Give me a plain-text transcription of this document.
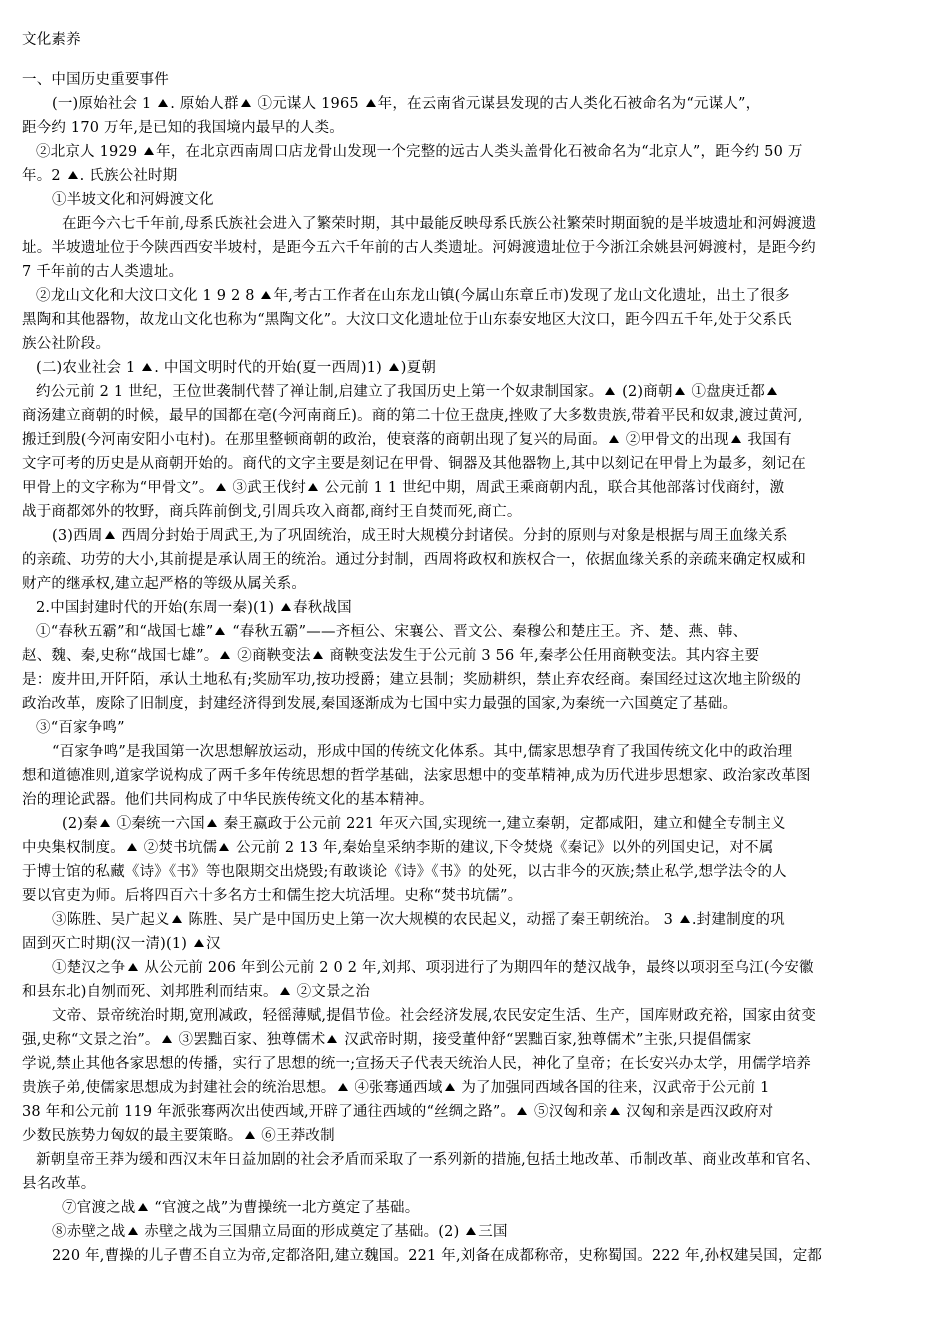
文化素养
一、中国历史重要事件
(一)原始社会 1 . 原始人群 ①元谋人 1965 年，在云南省元谋县发现的古人类化石被命名为“元谋人”，
距今约 170 万年,是已知的我国境内最早的人类。
②北京人 1929 年，在北京西南周口店龙骨山发现一个完整的远古人类头盖骨化石被命名为“北京人”，距今约 50 万
年。2 . 氏族公社时期
①半坡文化和河姆渡文化
在距今六七千年前,母系氏族社会进入了繁荣时期，其中最能反映母系氏族公社繁荣时期面貌的是半坡遗址和河姆渡遗
址。半坡遗址位于今陕西西安半坡村，是距今五六千年前的古人类遗址。河姆渡遗址位于今浙江余姚县河姆渡村，是距今约
7 千年前的古人类遗址。
②龙山文化和大汶口文化 1 9 2 8 年,考古工作者在山东龙山镇(今属山东章丘市)发现了龙山文化遗址，出土了很多
黑陶和其他器物，故龙山文化也称为“黑陶文化”。大汶口文化遗址位于山东泰安地区大汶口，距今四五千年,处于父系氏
族公社阶段。
(二)农业社会 1 . 中国文明时代的开始(夏一西周)1) )夏朝
约公元前 2 1 世纪，王位世袭制代替了禅让制,启建立了我国历史上第一个奴隶制国家。 (2)商朝 ①盘庚迁都
商汤建立商朝的时候，最早的国都在亳(今河南商丘)。商的第二十位王盘庚,挫败了大多数贵族,带着平民和奴隶,渡过黄河,
搬迁到殷(今河南安阳小屯村)。在那里整顿商朝的政治，使衰落的商朝出现了复兴的局面。 ②甲骨文的出现 我国有
文字可考的历史是从商朝开始的。商代的文字主要是刻记在甲骨、铜器及其他器物上,其中以刻记在甲骨上为最多，刻记在
甲骨上的文字称为“甲骨文”。 ③武王伐纣 公元前 1 1 世纪中期，周武王乘商朝内乱，联合其他部落讨伐商纣，激
战于商都郊外的牧野，商兵阵前倒戈,引周兵攻入商都,商纣王自焚而死,商亡。
(3)西周 西周分封始于周武王,为了巩固统治，成王时大规模分封诸侯。分封的原则与对象是根据与周王血缘关系
的亲疏、功劳的大小,其前提是承认周王的统治。通过分封制，西周将政权和族权合一，依据血缘关系的亲疏来确定权威和
财产的继承权,建立起严格的等级从属关系。
2.中国封建时代的开始(东周一秦)(1) 春秋战国
①“春秋五霸”和“战国七雄” “春秋五霸”——齐桓公、宋襄公、晋文公、秦穆公和楚庄王。齐、楚、燕、韩、
赵、魏、秦,史称“战国七雄”。 ②商鞅变法 商鞅变法发生于公元前 3 56 年,秦孝公任用商鞅变法。其内容主要
是：废井田,开阡陌，承认土地私有;奖励军功,按功授爵；建立县制；奖励耕织，禁止弃农经商。秦国经过这次地主阶级的
政治改革，废除了旧制度，封建经济得到发展,秦国逐渐成为七国中实力最强的国家,为秦统一六国奠定了基础。
③“百家争鸣”
“百家争鸣”是我国第一次思想解放运动，形成中国的传统文化体系。其中,儒家思想孕育了我国传统文化中的政治理
想和道德准则,道家学说构成了两千多年传统思想的哲学基础，法家思想中的变革精神,成为历代进步思想家、政治家改革图
治的理论武器。他们共同构成了中华民族传统文化的基本精神。
(2)秦 ①秦统一六国 秦王嬴政于公元前 221 年灭六国,实现统一,建立秦朝，定都咸阳，建立和健全专制主义
中央集权制度。 ②焚书坑儒 公元前 2 13 年,秦始皇采纳李斯的建议,下令焚烧《秦记》以外的列国史记，对不属
于博士馆的私藏《诗》《书》等也限期交出烧毁;有敢谈论《诗》《书》的处死，以古非今的灭族;禁止私学,想学法令的人
要以官吏为师。后将四百六十多名方士和儒生挖大坑活埋。史称“焚书坑儒”。
③陈胜、吴广起义 陈胜、吴广是中国历史上第一次大规模的农民起义，动摇了秦王朝统治。 3 .封建制度的巩
固到灭亡时期(汉一清)(1) 汉
①楚汉之争 从公元前 206 年到公元前 2 0 2 年,刘邦、项羽进行了为期四年的楚汉战争，最终以项羽至乌江(今安徽
和县东北)自刎而死、刘邦胜利而结束。 ②文景之治
文帝、景帝统治时期,宽刑减政，轻徭薄赋,提倡节俭。社会经济发展,农民安定生活、生产，国库财政充裕，国家由贫变
强,史称“文景之治”。 ③罢黜百家、独尊儒术 汉武帝时期，接受董仲舒“罢黜百家,独尊儒术”主张,只提倡儒家
学说,禁止其他各家思想的传播，实行了思想的统一;宣扬天子代表天统治人民，神化了皇帝；在长安兴办太学，用儒学培养
贵族子弟,使儒家思想成为封建社会的统治思想。 ④张骞通西域 为了加强同西域各国的往来，汉武帝于公元前 1
38 年和公元前 119 年派张骞两次出使西域,开辟了通往西域的“丝绸之路”。 ⑤汉匈和亲 汉匈和亲是西汉政府对
少数民族势力匈奴的最主要策略。 ⑥王莽改制
新朝皇帝王莽为缓和西汉末年日益加剧的社会矛盾而采取了一系列新的措施,包括土地改革、币制改革、商业改革和官名、
县名改革。
⑦官渡之战 “官渡之战”为曹操统一北方奠定了基础。
⑧赤壁之战 赤壁之战为三国鼎立局面的形成奠定了基础。(2) 三国
220 年,曹操的儿子曹丕自立为帝,定都洛阳,建立魏国。221 年,刘备在成都称帝，史称蜀国。222 年,孙权建吴国，定都
